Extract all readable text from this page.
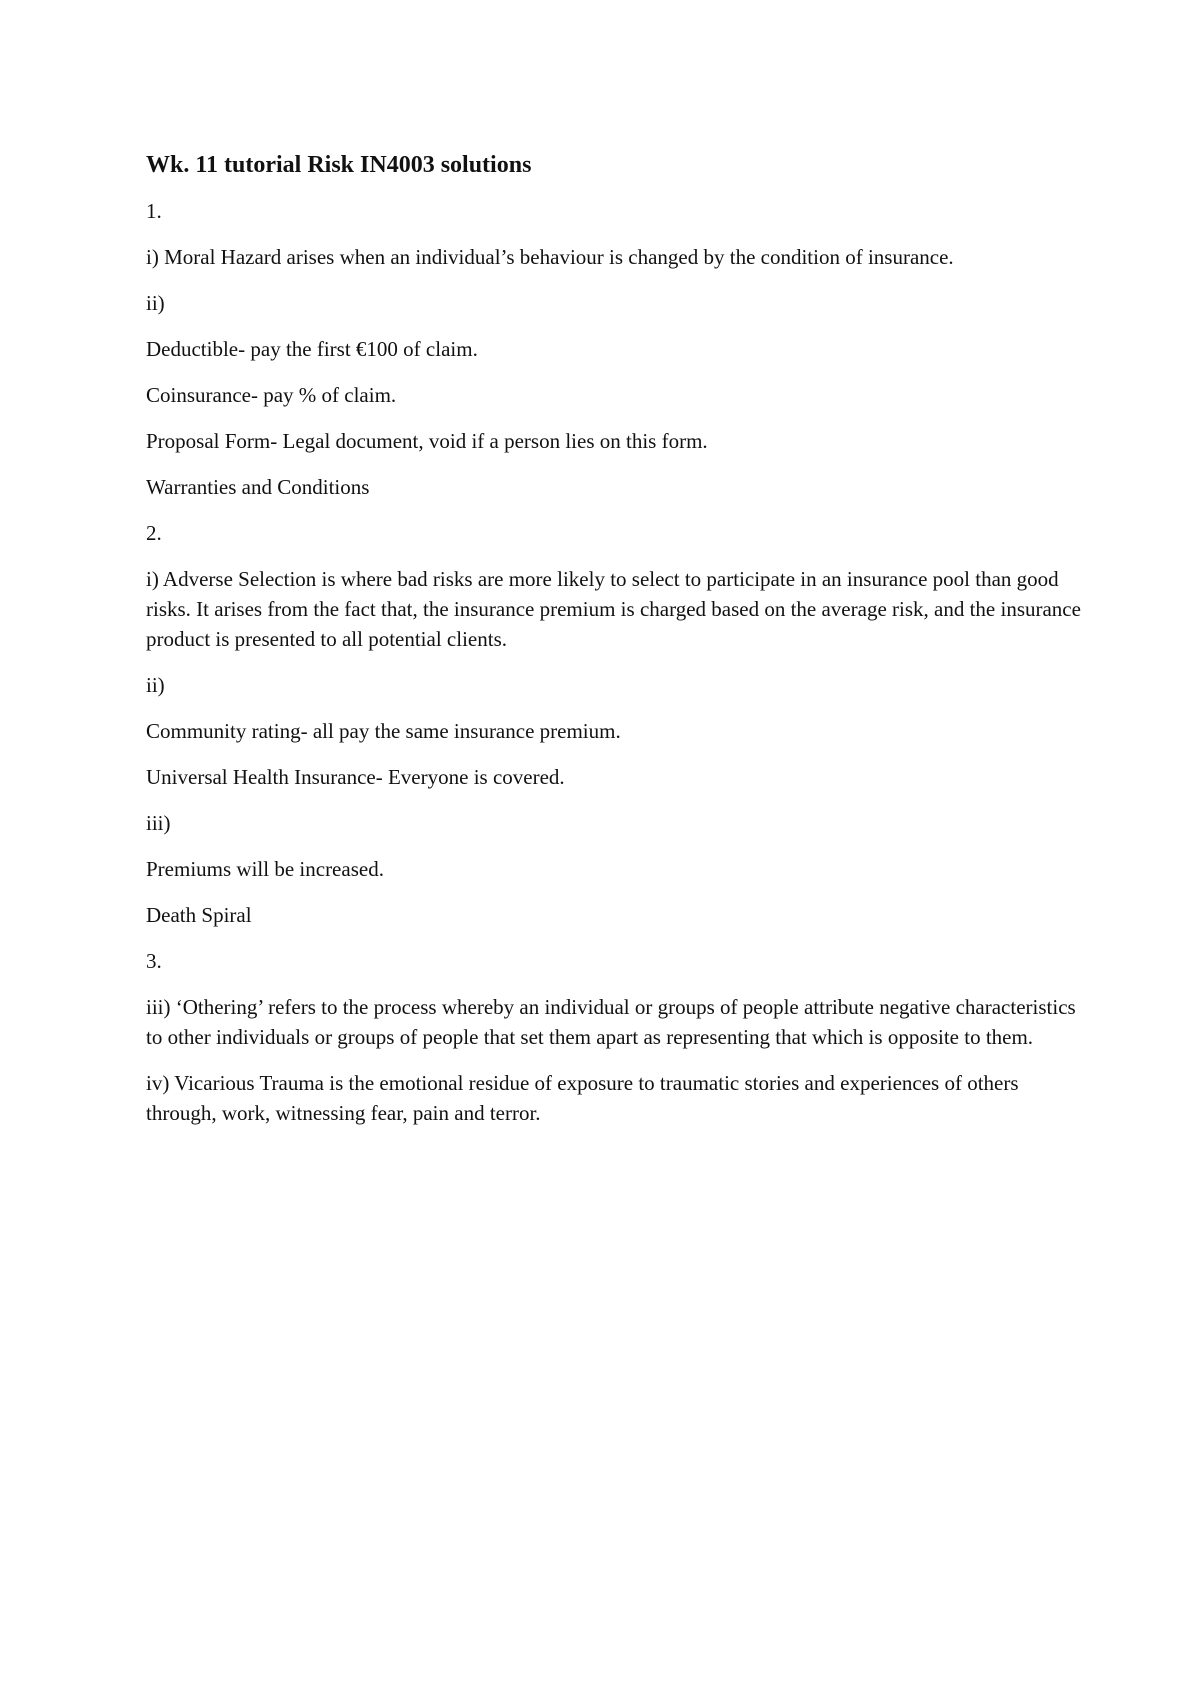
Wk. 11 tutorial Risk IN4003 solutions
1.
i) Moral Hazard arises when an individual’s behaviour is changed by the condition of insurance.
ii)
Deductible- pay the first €100 of claim.
Coinsurance- pay % of claim.
Proposal Form- Legal document, void if a person lies on this form.
Warranties and Conditions
2.
i) Adverse Selection is where bad risks are more likely to select to participate in an insurance pool than good risks. It arises from the fact that, the insurance premium is charged based on the average risk, and the insurance product is presented to all potential clients.
ii)
Community rating- all pay the same insurance premium.
Universal Health Insurance- Everyone is covered.
iii)
Premiums will be increased.
Death Spiral
3.
iii) ‘Othering’ refers to the process whereby an individual or groups of people attribute negative characteristics to other individuals or groups of people that set them apart as representing that which is opposite to them.
iv) Vicarious Trauma is the emotional residue of exposure to traumatic stories and experiences of others through, work, witnessing fear, pain and terror.
